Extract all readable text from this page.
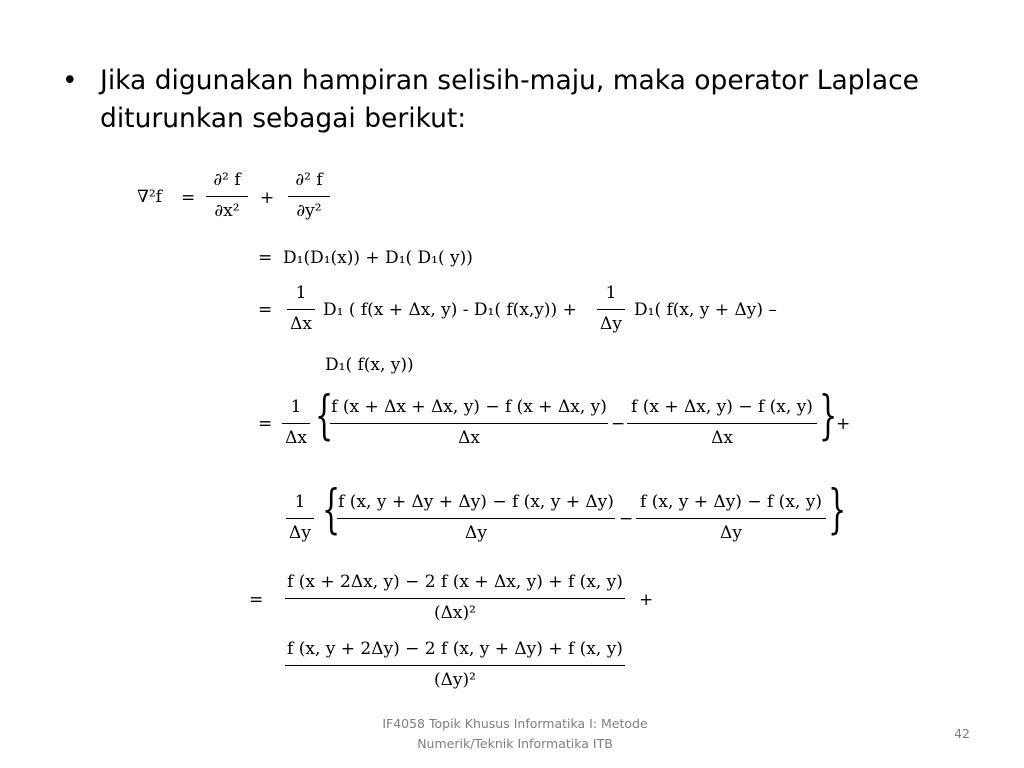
• Jika digunakan hampiran selisih-maju, maka operator Laplace diturunkan sebagai berikut:
∇²f =
∂² f
∂x²
+
∂² f
∂y²
= D₁(D₁(x)) + D₁( D₁( y))
=
1
Δx
D₁ ( f(x + Δx, y) - D₁( f(x,y)) +
1
Δy
D₁( f(x, y + Δy) –
D₁( f(x, y))
=
1
Δx {
f (x + Δx + Δx, y) − f (x + Δx, y)
Δx
−
f (x + Δx, y) − f (x, y)
Δx	}
+
1
Δy {
f (x, y + Δy + Δy) − f (x, y + Δy)
Δy
−
f (x, y + Δy) − f (x, y)
Δy	}
=
f (x + 2Δx, y) − 2 f (x + Δx, y) + f (x, y)
(Δx)²
+
f (x, y + 2Δy) − 2 f (x, y + Δy) + f (x, y)
(Δy)²
IF4058 Topik Khusus Informatika I: Metode
Numerik/Teknik Informatika ITB
42
